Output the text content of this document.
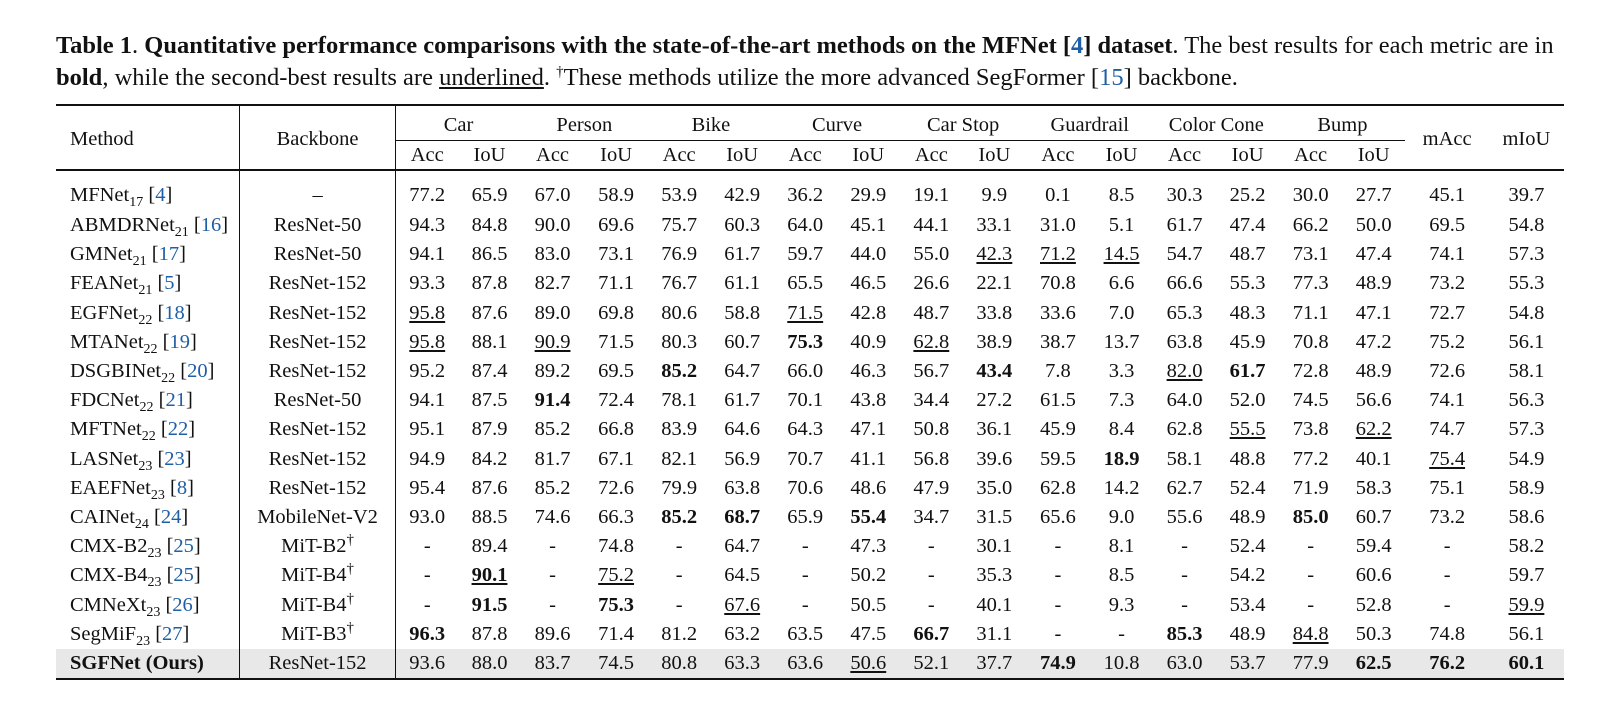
Table 1. Quantitative performance comparisons with the state-of-the-art methods on the MFNet [4] dataset. The best results for each metric are in bold, while the second-best results are underlined. †These methods utilize the more advanced SegFormer [15] backbone.

Method	Backbone	Car		Person		Bike		Curve		Car Stop		Guardrail		Color Cone		Bump		mAcc	mIoU
		Acc	IoU	Acc	IoU	Acc	IoU	Acc	IoU	Acc	IoU	Acc	IoU	Acc	IoU	Acc	IoU		
MFNet$_{17}$ [4]	–	77.2	65.9	67.0	58.9	53.9	42.9	36.2	29.9	19.1	9.9	0.1	8.5	30.3	25.2	30.0	27.7	45.1	39.7
ABMDRNet$_{21}$ [16]	ResNet-50	94.3	84.8	90.0	69.6	75.7	60.3	64.0	45.1	44.1	33.1	31.0	5.1	61.7	47.4	66.2	50.0	69.5	54.8
GMNet$_{21}$ [17]	ResNet-50	94.1	86.5	83.0	73.1	76.9	61.7	59.7	44.0	55.0	42.3	71.2	14.5	54.7	48.7	73.1	47.4	74.1	57.3
FEANet$_{21}$ [5]	ResNet-152	93.3	87.8	82.7	71.1	76.7	61.1	65.5	46.5	26.6	22.1	70.8	6.6	66.6	55.3	77.3	48.9	73.2	55.3
EGFNet$_{22}$ [18]	ResNet-152	95.8	87.6	89.0	69.8	80.6	58.8	71.5	42.8	48.7	33.8	33.6	7.0	65.3	48.3	71.1	47.1	72.7	54.8
MTANet$_{22}$ [19]	ResNet-152	95.8	88.1	90.9	71.5	80.3	60.7	75.3	40.9	62.8	38.9	38.7	13.7	63.8	45.9	70.8	47.2	75.2	56.1
DSGBINet$_{22}$ [20]	ResNet-152	95.2	87.4	89.2	69.5	85.2	64.7	66.0	46.3	56.7	43.4	7.8	3.3	82.0	61.7	72.8	48.9	72.6	58.1
FDCNet$_{22}$ [21]	ResNet-50	94.1	87.5	91.4	72.4	78.1	61.7	70.1	43.8	34.4	27.2	61.5	7.3	64.0	52.0	74.5	56.6	74.1	56.3
MFTNet$_{22}$ [22]	ResNet-152	95.1	87.9	85.2	66.8	83.9	64.6	64.3	47.1	50.8	36.1	45.9	8.4	62.8	55.5	73.8	62.2	74.7	57.3
LASNet$_{23}$ [23]	ResNet-152	94.9	84.2	81.7	67.1	82.1	56.9	70.7	41.1	56.8	39.6	59.5	18.9	58.1	48.8	77.2	40.1	75.4	54.9
EAEFNet$_{23}$ [8]	ResNet-152	95.4	87.6	85.2	72.6	79.9	63.8	70.6	48.6	47.9	35.0	62.8	14.2	62.7	52.4	71.9	58.3	75.1	58.9
CAINet$_{24}$ [24]	MobileNet-V2	93.0	88.5	74.6	66.3	85.2	68.7	65.9	55.4	34.7	31.5	65.6	9.0	55.6	48.9	85.0	60.7	73.2	58.6
CMX-$B2_{23}$ [25]	MiT-B2†	-	89.4	-	74.8	-	64.7	-	47.3	-	30.1	-	8.1	-	52.4	-	59.4	-	58.2
CMX-$B4_{23}$ [25]	MiT-B4†	-	90.1	-	75.2	-	64.5	-	50.2	-	35.3	-	8.5	-	54.2	-	60.6	-	59.7
CMNeXt$_{23}$ [26]	MiT-B4†	-	91.5	-	75.3	-	67.6	-	50.5	-	40.1	-	9.3	-	53.4	-	52.8	-	59.9
SegMiF$_{23}$ [27]	MiT-B3†	96.3	87.8	89.6	71.4	81.2	63.2	63.5	47.5	66.7	31.1	-	-	85.3	48.9	84.8	50.3	74.8	56.1
SGFNet (Ours)	ResNet-152	93.6	88.0	83.7	74.5	80.8	63.3	63.6	50.6	52.1	37.7	74.9	10.8	63.0	53.7	77.9	62.5	76.2	60.1
